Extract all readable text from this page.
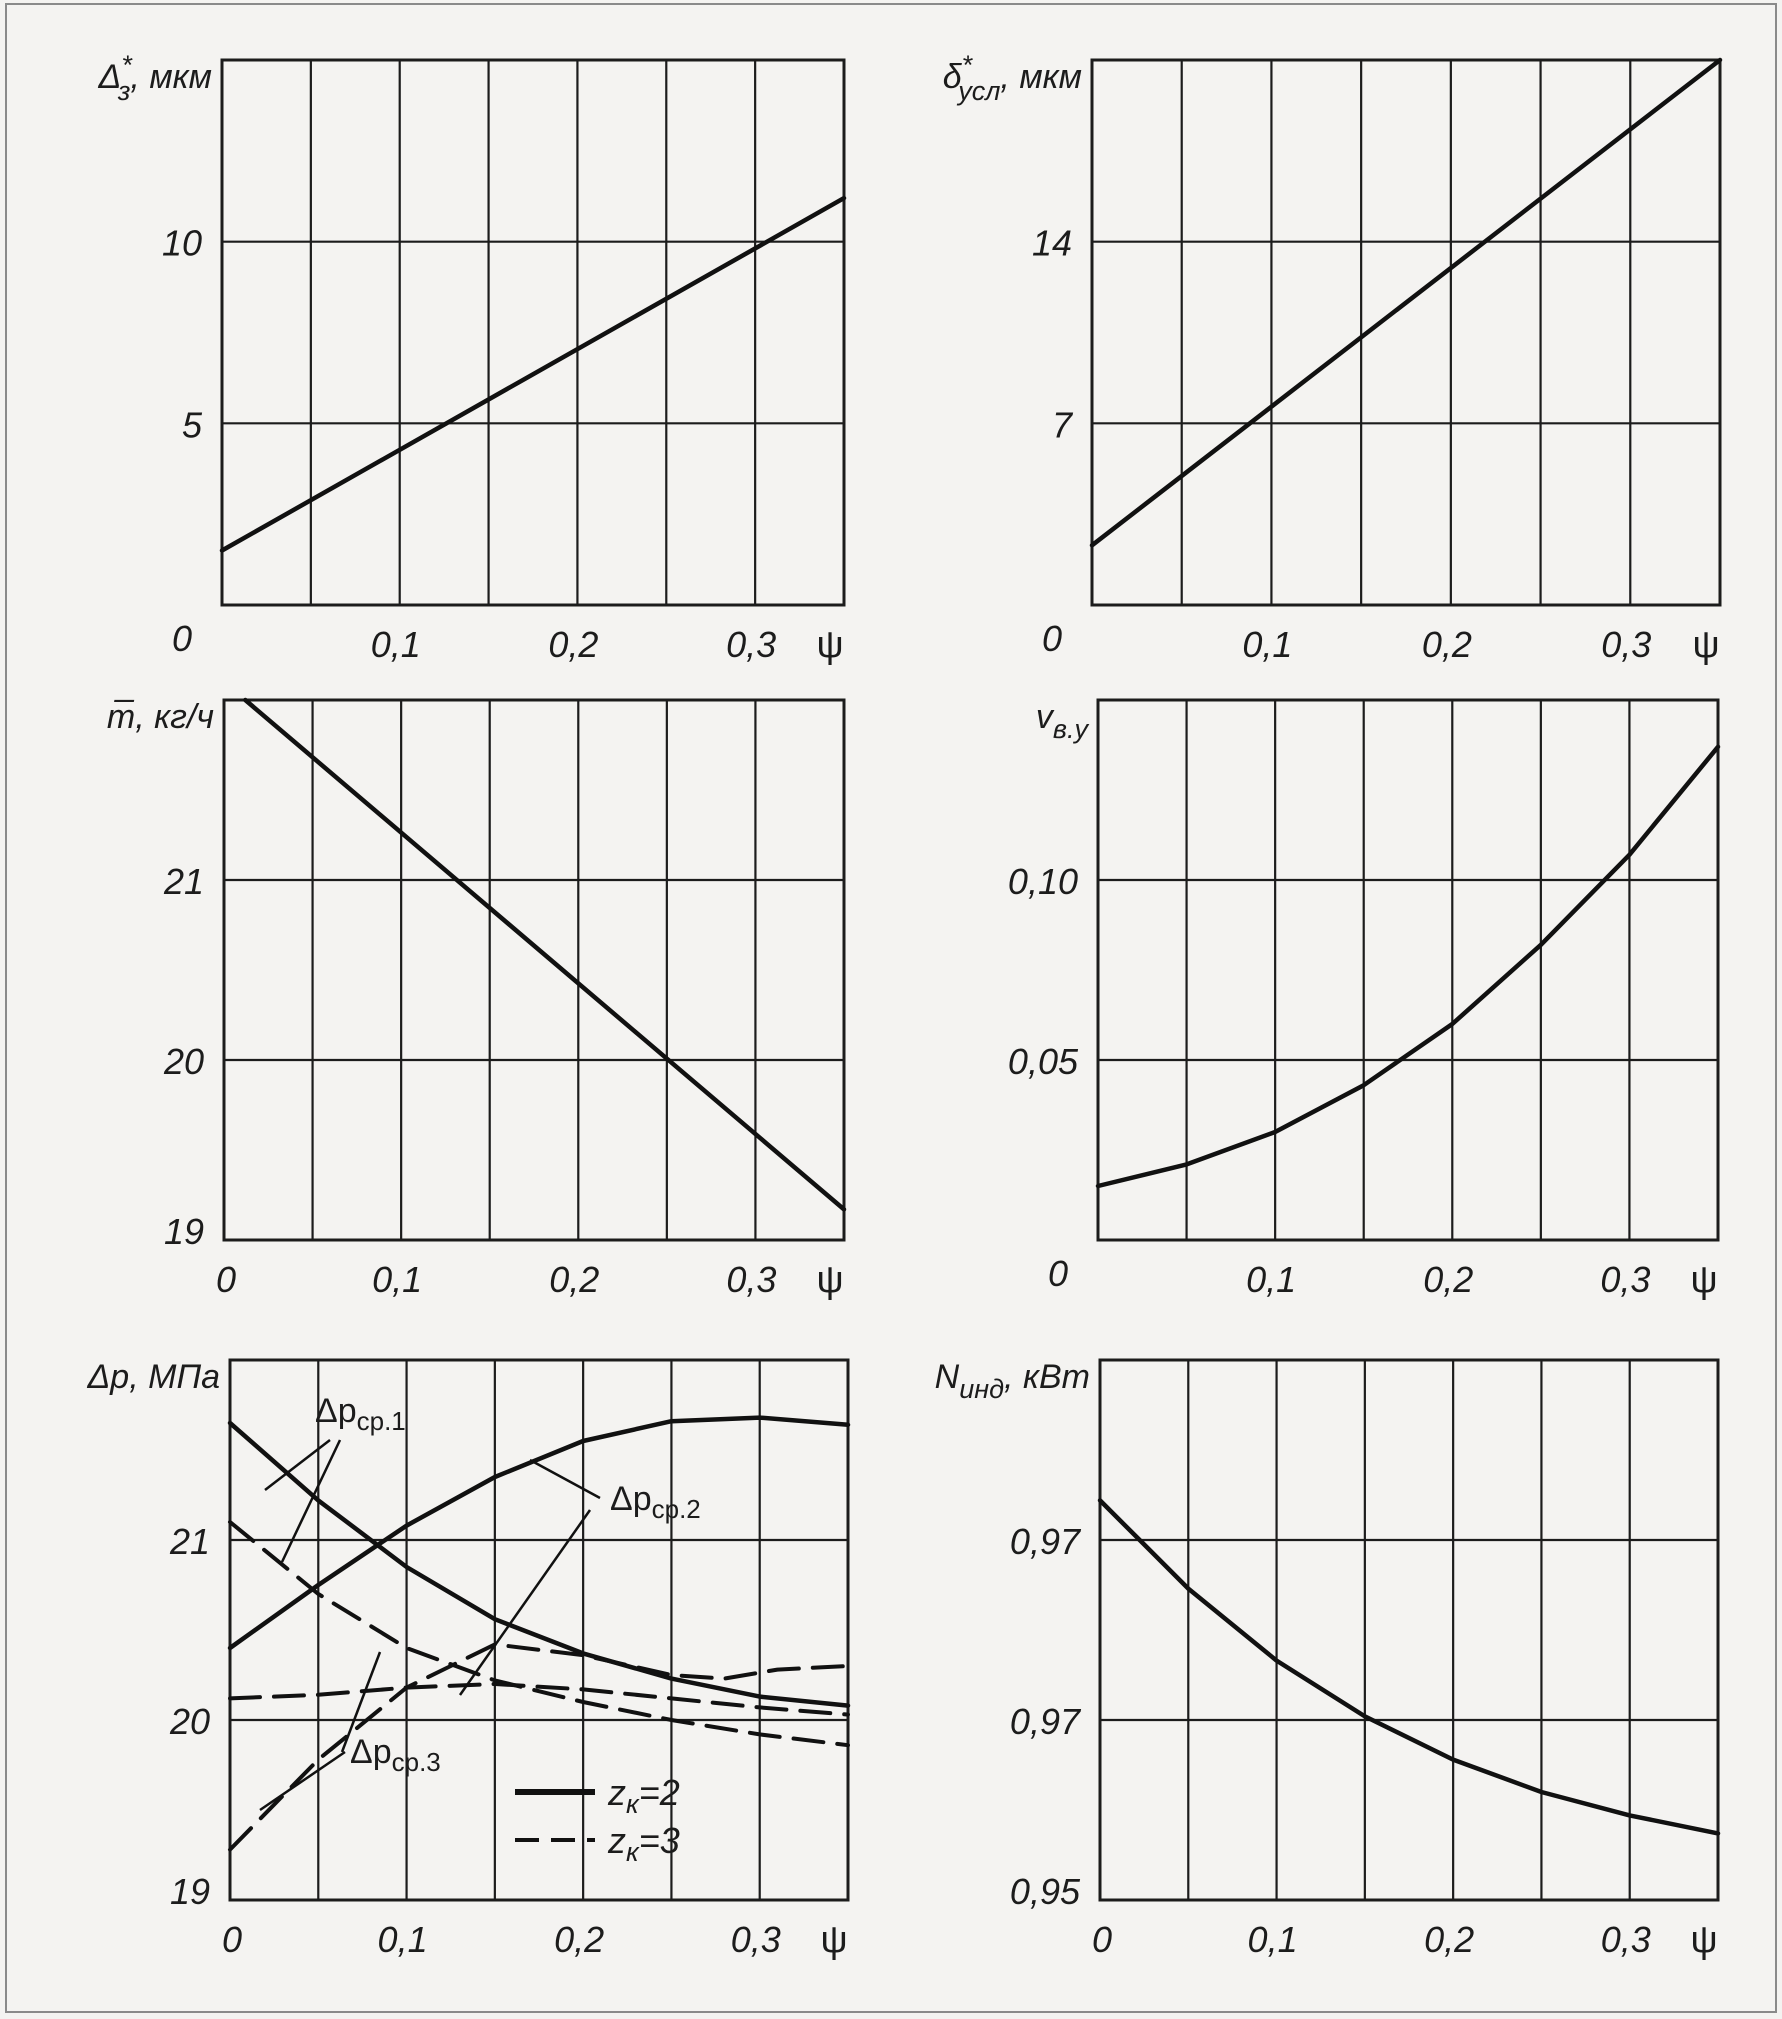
0
5
10
0,1	0,2	0,3 ψ
Δ* з, мкм
0
7
14
0,1	0,2	0,3 ψ
δ* усл, мкм
19
20
21
0	0,1	0,2	0,3 ψ
m̅, кг/ч
0
0,05
0,10
0,1	0,2	0,3 ψ
$v_{в.у}$
19
20
21
0	0,1	0,2	0,3 ψ
Δp, МПа
$\Delta p_{ср.1}$
$\Delta p_{ср.2}$
$\Delta p_{ср.3}$
$z_к=2$
$z_к=3$
0,95
0,97
0,97
0	0,1	0,2	0,3 ψ
$N_{инд}$, кВт
